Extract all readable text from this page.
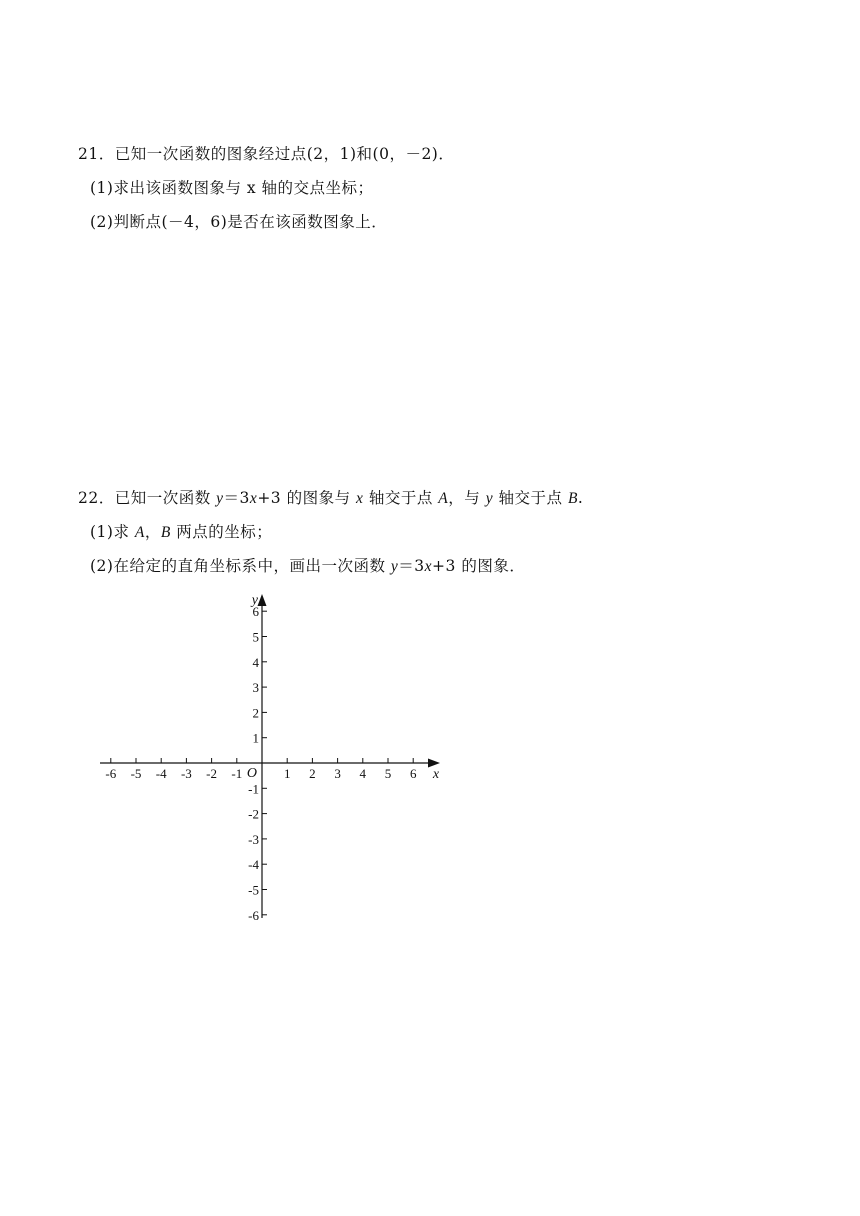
21．已知一次函数的图象经过点(2，1)和(0，－2)．
(1)求出该函数图象与 x 轴的交点坐标；
(2)判断点(－4，6)是否在该函数图象上．
22．已知一次函数 y＝3x+3 的图象与 x 轴交于点 A，与 y 轴交于点 B.
(1)求 A，B 两点的坐标；
(2)在给定的直角坐标系中，画出一次函数 y＝3x+3 的图象．
-6 -5 -4 -3 -2 -1	1 2 3 4 5 6
6
5
4
3
2
1
-1
-2
-3
-4
-5
-6
O	x
y
